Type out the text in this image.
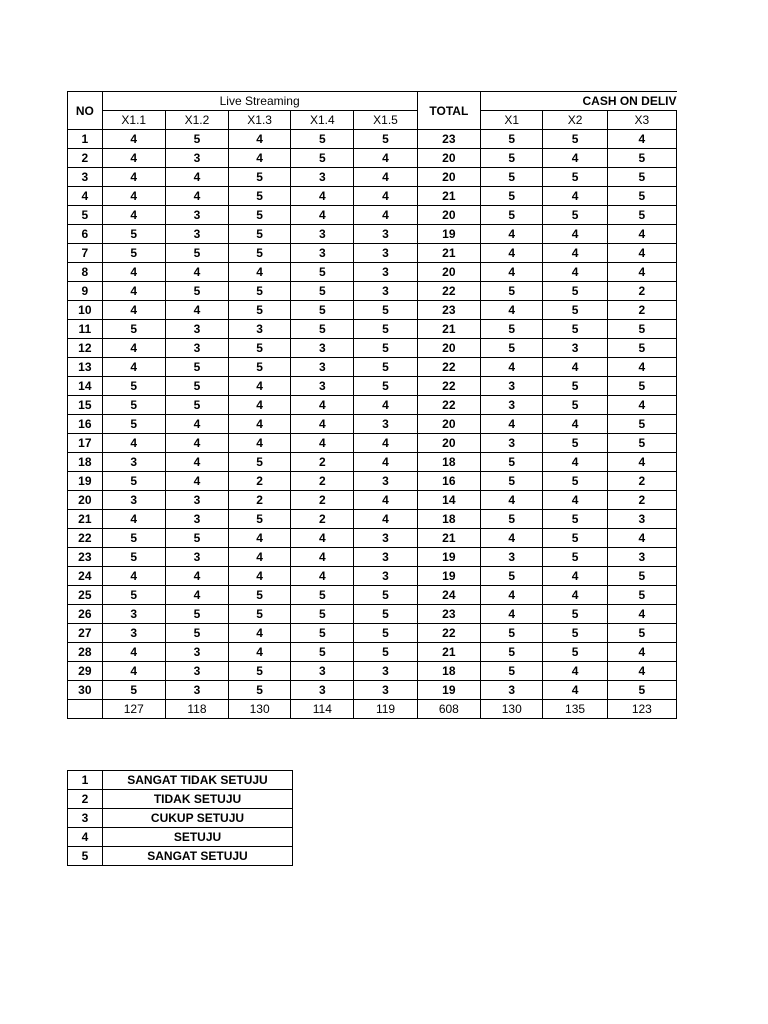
NO	Live Streaming					TOTAL	CASH ON DELIV		
	X1.1	X1.2	X1.3	X1.4	X1.5		X1	X2	X3
1	4	5	4	5	5	23	5	5	4
2	4	3	4	5	4	20	5	4	5
3	4	4	5	3	4	20	5	5	5
4	4	4	5	4	4	21	5	4	5
5	4	3	5	4	4	20	5	5	5
6	5	3	5	3	3	19	4	4	4
7	5	5	5	3	3	21	4	4	4
8	4	4	4	5	3	20	4	4	4
9	4	5	5	5	3	22	5	5	2
10	4	4	5	5	5	23	4	5	2
11	5	3	3	5	5	21	5	5	5
12	4	3	5	3	5	20	5	3	5
13	4	5	5	3	5	22	4	4	4
14	5	5	4	3	5	22	3	5	5
15	5	5	4	4	4	22	3	5	4
16	5	4	4	4	3	20	4	4	5
17	4	4	4	4	4	20	3	5	5
18	3	4	5	2	4	18	5	4	4
19	5	4	2	2	3	16	5	5	2
20	3	3	2	2	4	14	4	4	2
21	4	3	5	2	4	18	5	5	3
22	5	5	4	4	3	21	4	5	4
23	5	3	4	4	3	19	3	5	3
24	4	4	4	4	3	19	5	4	5
25	5	4	5	5	5	24	4	4	5
26	3	5	5	5	5	23	4	5	4
27	3	5	4	5	5	22	5	5	5
28	4	3	4	5	5	21	5	5	4
29	4	3	5	3	3	18	5	4	4
30	5	3	5	3	3	19	3	4	5
	127	118	130	114	119	608	130	135	123
1	SANGAT TIDAK SETUJU
2	TIDAK SETUJU
3	CUKUP SETUJU
4	SETUJU
5	SANGAT SETUJU
